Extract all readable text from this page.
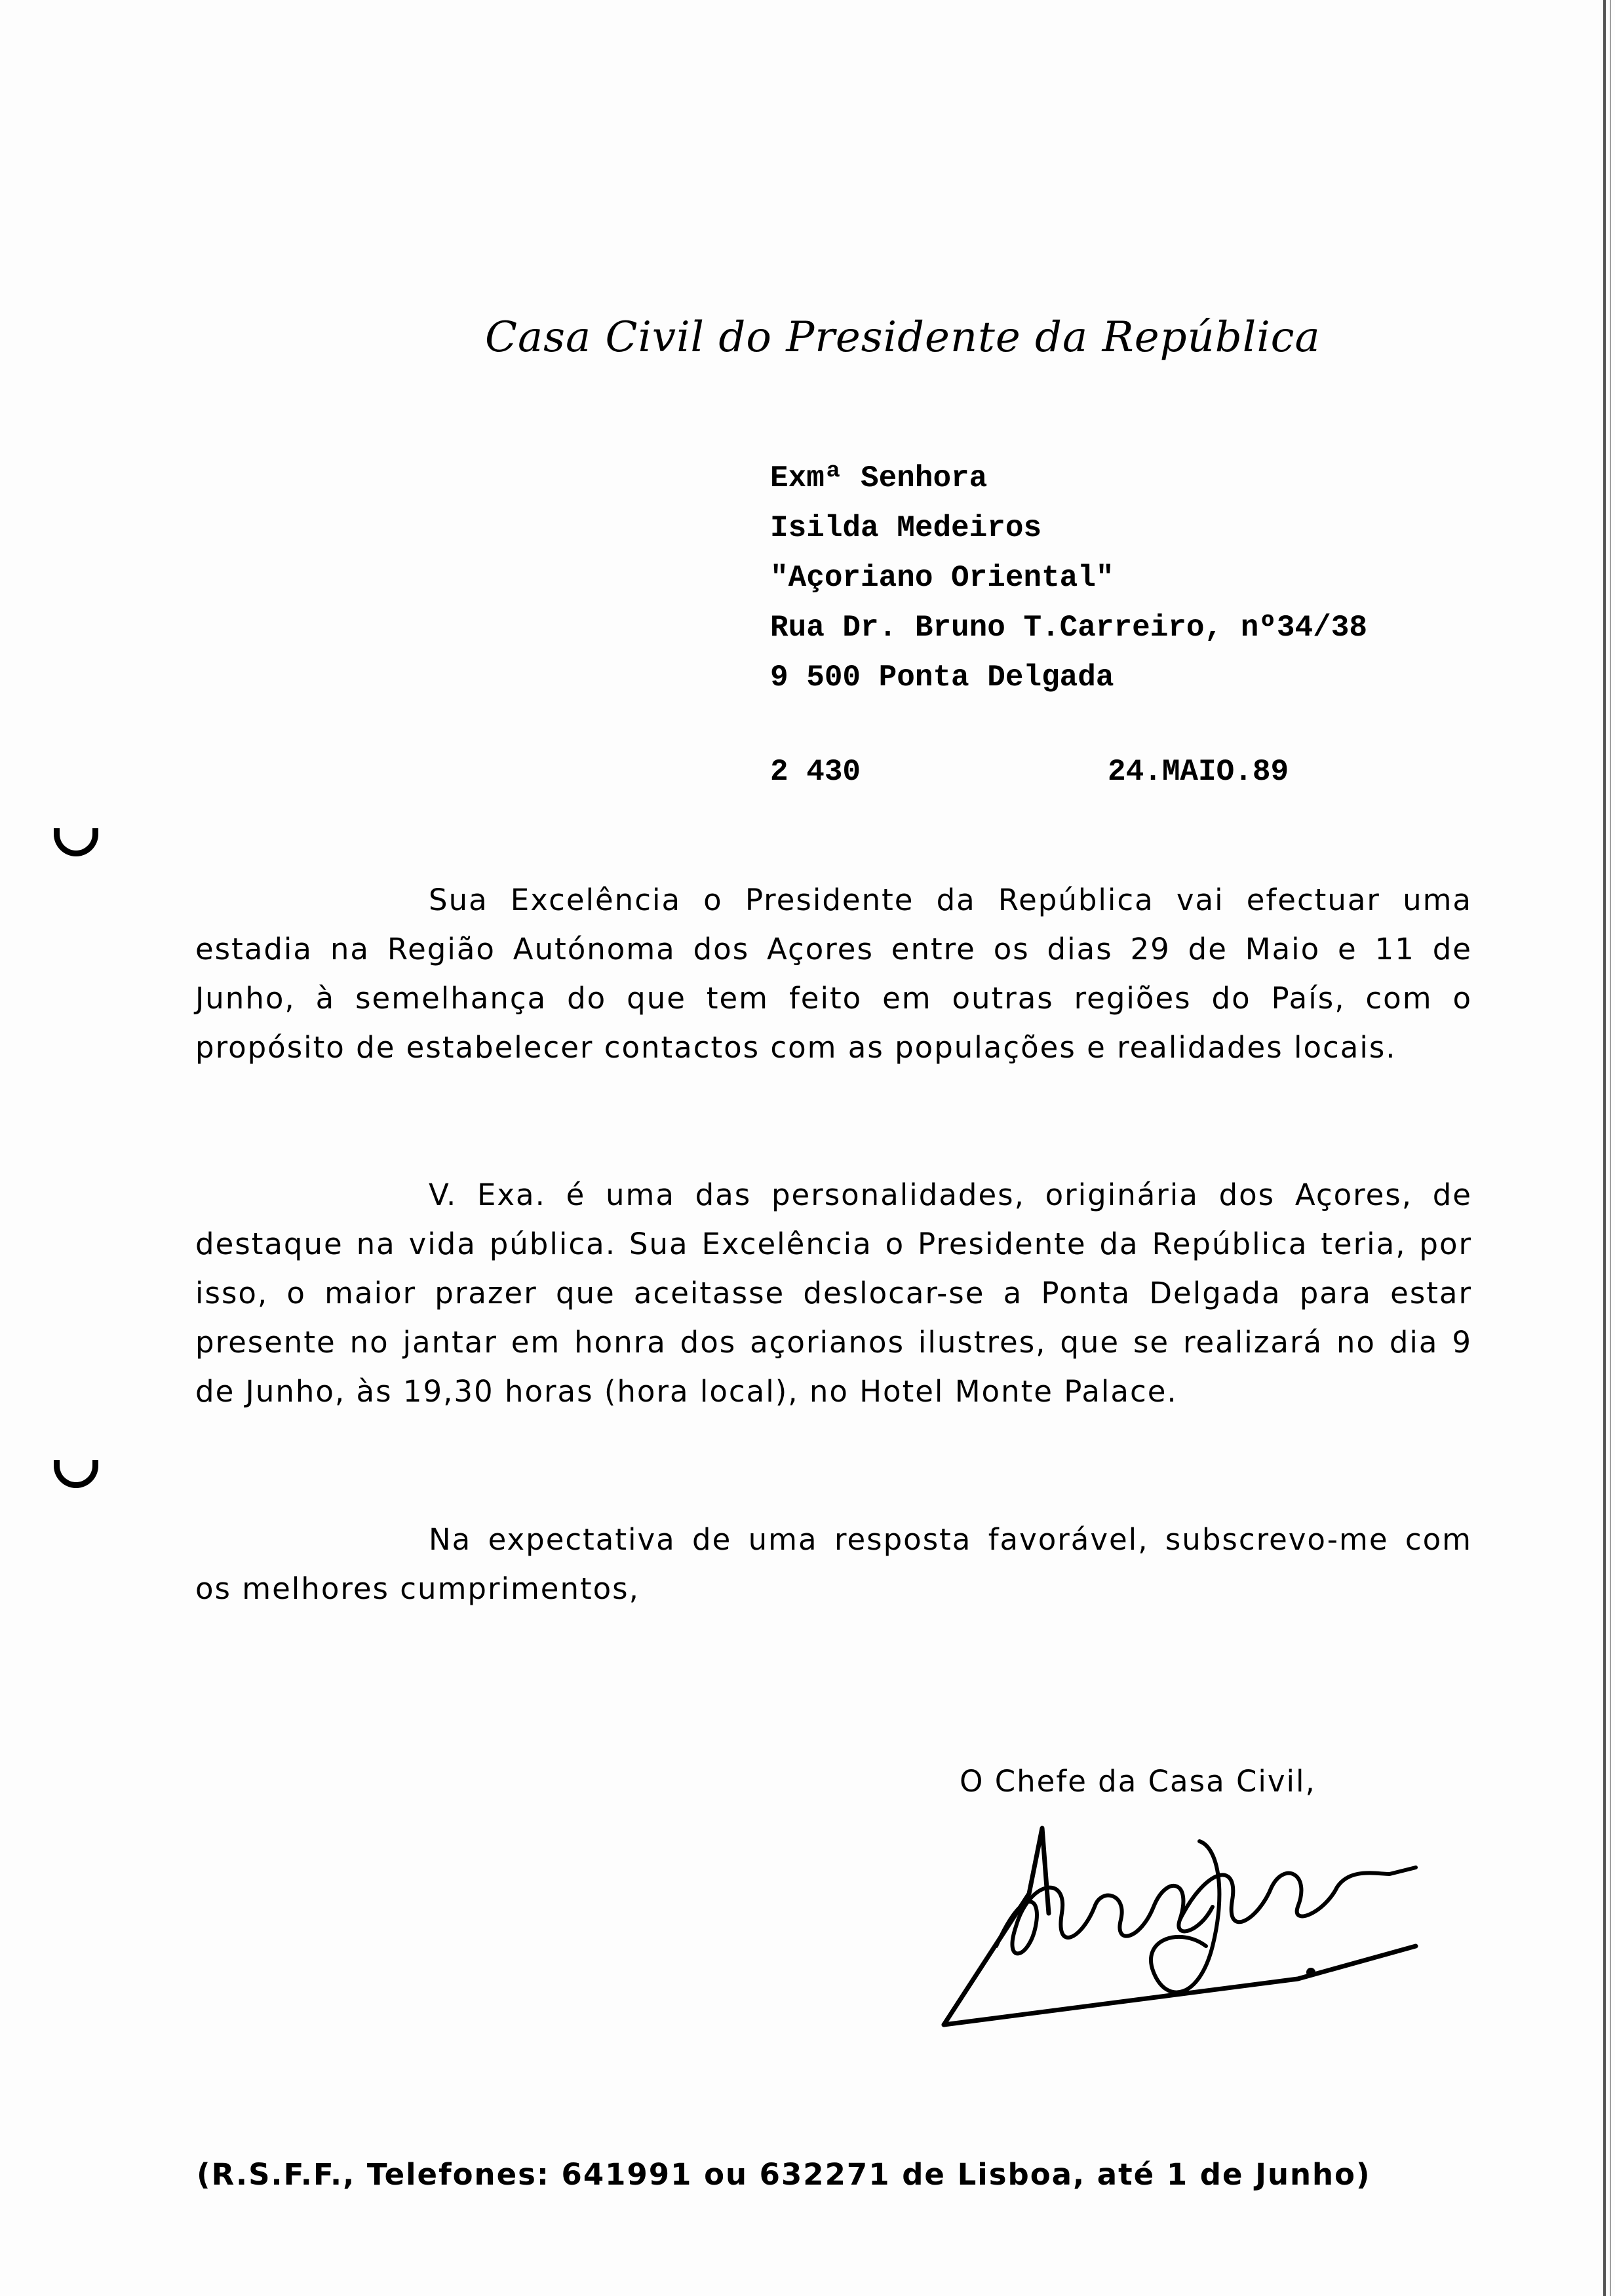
Casa Civil do Presidente da República
Exmª Senhora
Isilda Medeiros
"Açoriano Oriental"
Rua Dr. Bruno T.Carreiro, nº34/38
9 500 Ponta Delgada
2 430	24.MAIO.89
Sua Excelência o Presidente da República vai efectuar uma estadia na Região Autónoma dos Açores entre os dias 29 de Maio e 11 de Junho, à semelhança do que tem feito em outras regiões do País, com o propósito de estabelecer contactos com as populações e realidades locais.
V. Exa. é uma das personalidades, originária dos Açores, de destaque na vida pública. Sua Excelência o Presidente da República teria, por isso, o maior prazer que aceitasse deslocar-se a Ponta Delgada para estar presente no jantar em honra dos açorianos ilustres, que se realizará no dia 9 de Junho, às 19,30 horas (hora local), no Hotel Monte Palace.
Na expectativa de uma resposta favorável, subscrevo-me com os melhores cumprimentos,
O Chefe da Casa Civil,
(R.S.F.F., Telefones: 641991 ou 632271 de Lisboa, até 1 de Junho)
